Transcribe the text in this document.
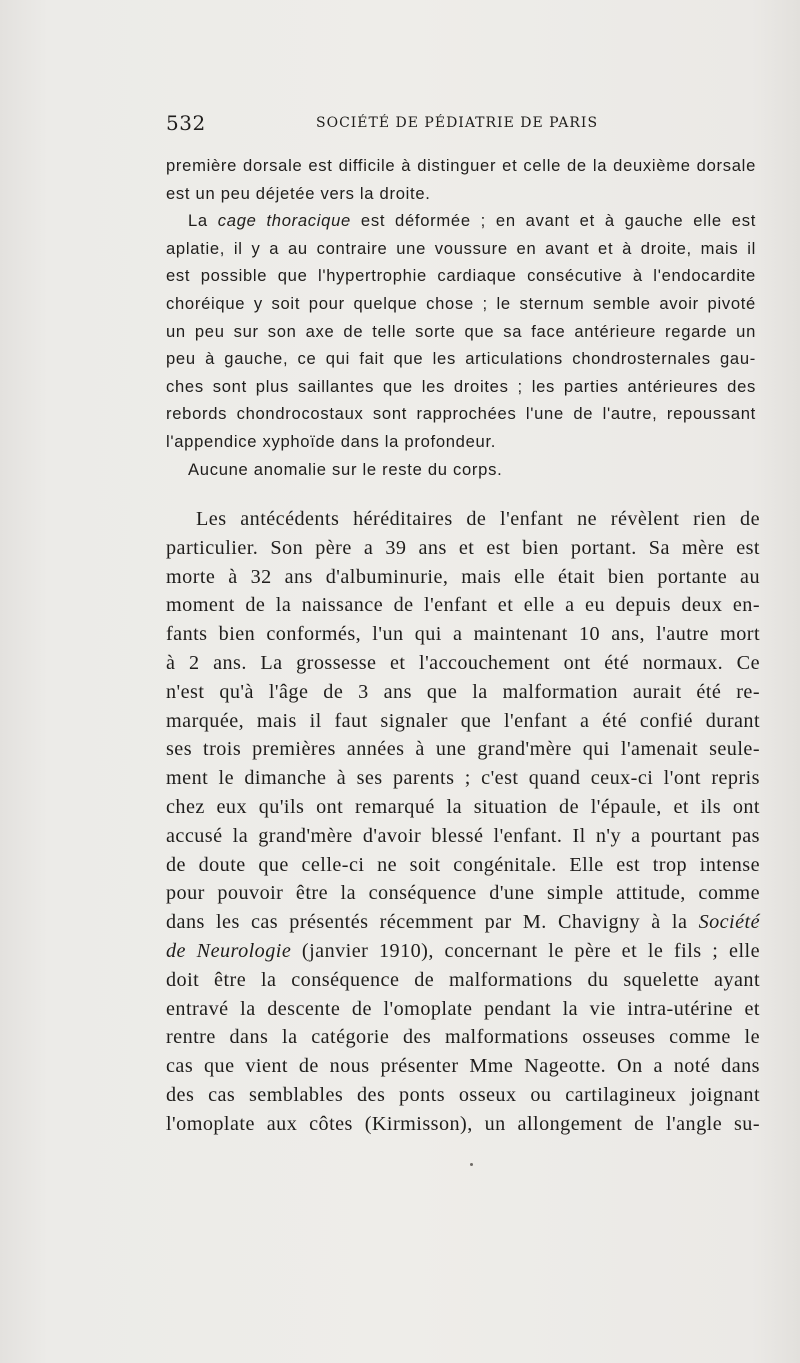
532	SOCIÉTÉ DE PÉDIATRIE DE PARIS
première dorsale est difficile à distinguer et celle de la deuxième dorsale
est un peu déjetée vers la droite.
La cage thoracique est déformée ; en avant et à gauche elle est
aplatie, il y a au contraire une voussure en avant et à droite, mais il
est possible que l'hypertrophie cardiaque consécutive à l'endocardite
choréique y soit pour quelque chose ; le sternum semble avoir pivoté
un peu sur son axe de telle sorte que sa face antérieure regarde un
peu à gauche, ce qui fait que les articulations chondrosternales gau-
ches sont plus saillantes que les droites ; les parties antérieures des
rebords chondrocostaux sont rapprochées l'une de l'autre, repoussant
l'appendice xyphoïde dans la profondeur.
Aucune anomalie sur le reste du corps.
Les antécédents héréditaires de l'enfant ne révèlent rien de
particulier. Son père a 39 ans et est bien portant. Sa mère est
morte à 32 ans d'albuminurie, mais elle était bien portante au
moment de la naissance de l'enfant et elle a eu depuis deux en-
fants bien conformés, l'un qui a maintenant 10 ans, l'autre mort
à 2 ans. La grossesse et l'accouchement ont été normaux. Ce
n'est qu'à l'âge de 3 ans que la malformation aurait été re-
marquée, mais il faut signaler que l'enfant a été confié durant
ses trois premières années à une grand'mère qui l'amenait seule-
ment le dimanche à ses parents ; c'est quand ceux-ci l'ont repris
chez eux qu'ils ont remarqué la situation de l'épaule, et ils ont
accusé la grand'mère d'avoir blessé l'enfant. Il n'y a pourtant pas
de doute que celle-ci ne soit congénitale. Elle est trop intense
pour pouvoir être la conséquence d'une simple attitude, comme
dans les cas présentés récemment par M. Chavigny à la Société
de Neurologie (janvier 1910), concernant le père et le fils ; elle
doit être la conséquence de malformations du squelette ayant
entravé la descente de l'omoplate pendant la vie intra-utérine et
rentre dans la catégorie des malformations osseuses comme le
cas que vient de nous présenter Mme Nageotte. On a noté dans
des cas semblables des ponts osseux ou cartilagineux joignant
l'omoplate aux côtes (Kirmisson), un allongement de l'angle su-
